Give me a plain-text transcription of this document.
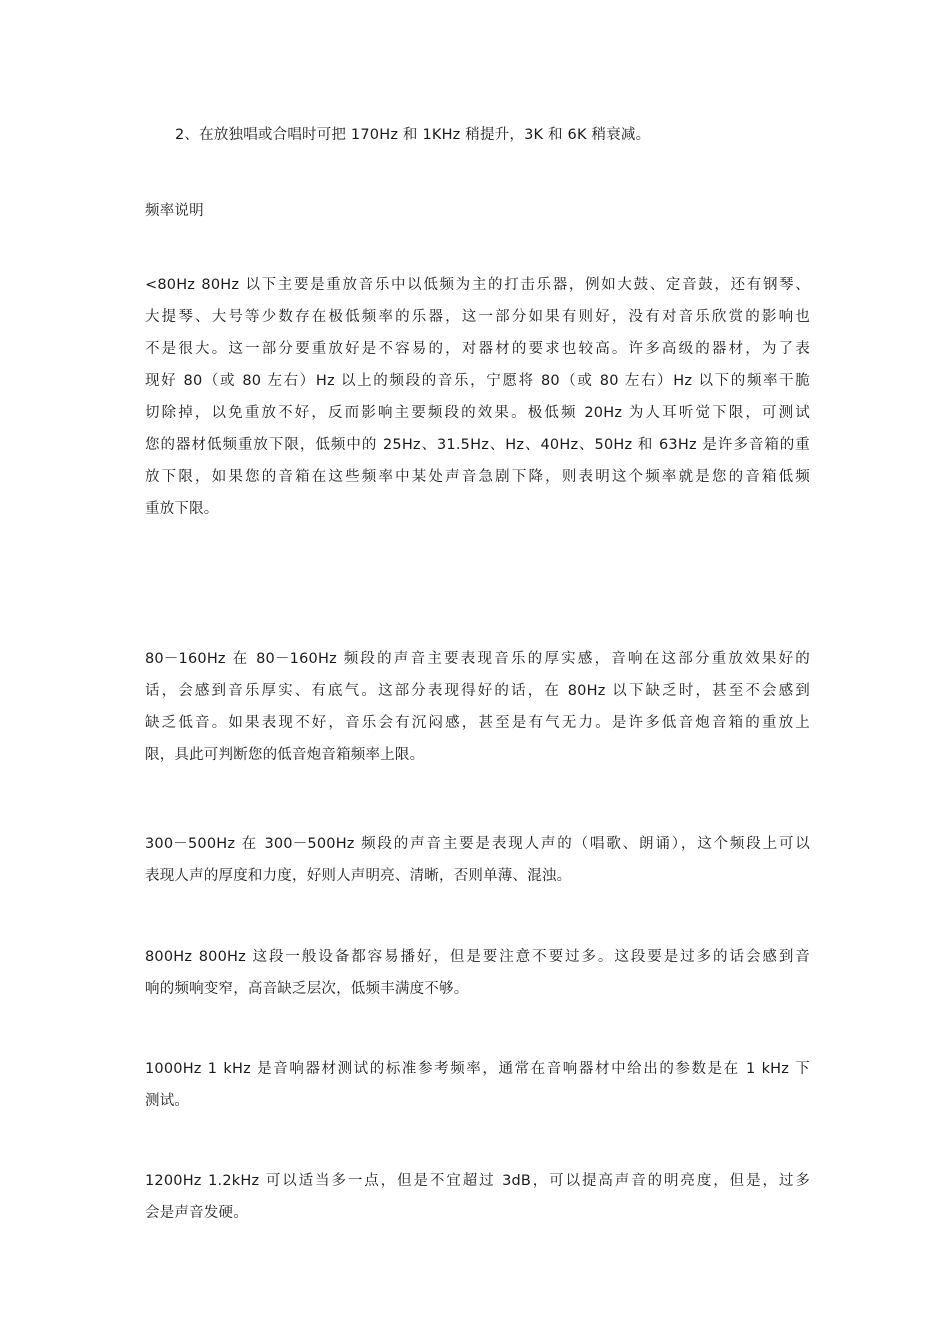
2、在放独唱或合唱时可把 170Hz 和 1KHz 稍提升，3K 和 6K 稍衰减。
频率说明
<80Hz 80Hz 以下主要是重放音乐中以低频为主的打击乐器，例如大鼓、定音鼓，还有钢琴、
大提琴、大号等少数存在极低频率的乐器，这一部分如果有则好，没有对音乐欣赏的影响也
不是很大。这一部分要重放好是不容易的，对器材的要求也较高。许多高级的器材，为了表
现好 80（或 80 左右）Hz 以上的频段的音乐，宁愿将 80（或 80 左右）Hz 以下的频率干脆
切除掉，以免重放不好，反而影响主要频段的效果。极低频 20Hz 为人耳听觉下限，可测试
您的器材低频重放下限，低频中的 25Hz、31.5Hz、Hz、40Hz、50Hz 和 63Hz 是许多音箱的重
放下限，如果您的音箱在这些频率中某处声音急剧下降，则表明这个频率就是您的音箱低频
重放下限。
80－160Hz 在 80－160Hz 频段的声音主要表现音乐的厚实感，音响在这部分重放效果好的
话，会感到音乐厚实、有底气。这部分表现得好的话，在 80Hz 以下缺乏时，甚至不会感到
缺乏低音。如果表现不好，音乐会有沉闷感，甚至是有气无力。是许多低音炮音箱的重放上
限，具此可判断您的低音炮音箱频率上限。
300－500Hz 在 300－500Hz 频段的声音主要是表现人声的（唱歌、朗诵），这个频段上可以
表现人声的厚度和力度，好则人声明亮、清晰，否则单薄、混浊。
800Hz 800Hz 这段一般设备都容易播好，但是要注意不要过多。这段要是过多的话会感到音
响的频响变窄，高音缺乏层次，低频丰满度不够。
1000Hz 1 kHz 是音响器材测试的标准参考频率，通常在音响器材中给出的参数是在 1 kHz 下
测试。
1200Hz 1.2kHz 可以适当多一点，但是不宜超过 3dB，可以提高声音的明亮度，但是，过多
会是声音发硬。
